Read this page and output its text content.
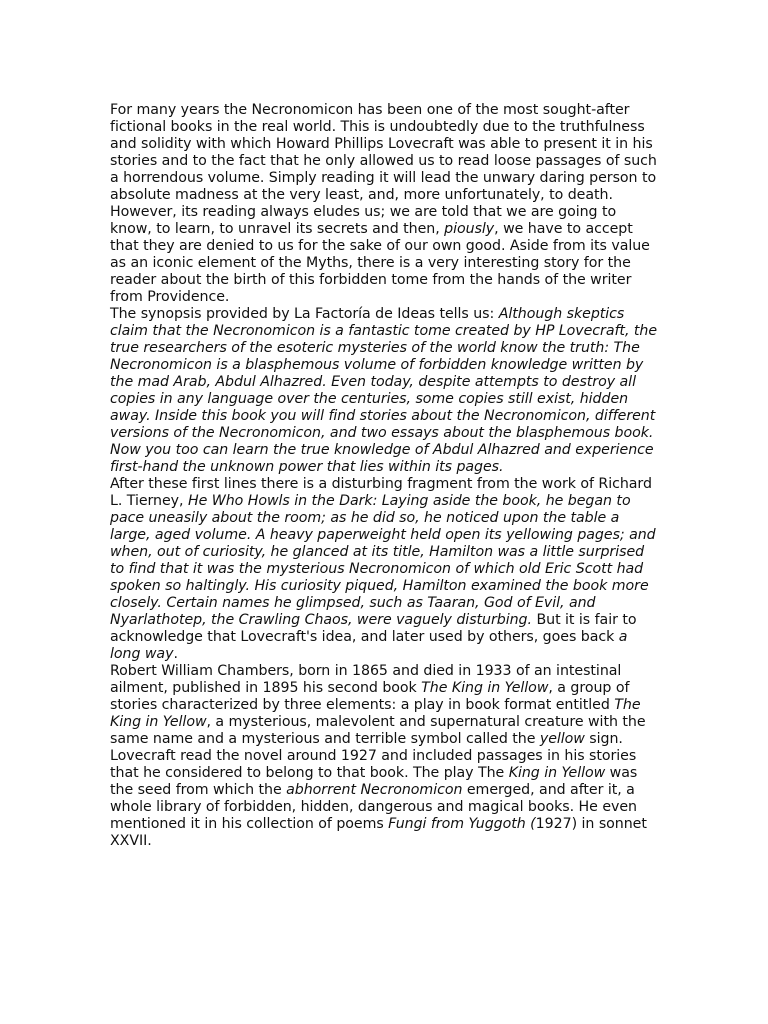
For many years the Necronomicon has been one of the most sought-after fictional books in the real world. This is undoubtedly due to the truthfulness and solidity with which Howard Phillips Lovecraft was able to present it in his stories and to the fact that he only allowed us to read loose passages of such a horrendous volume. Simply reading it will lead the unwary daring person to absolute madness at the very least, and, more unfortunately, to death. However, its reading always eludes us; we are told that we are going to know, to learn, to unravel its secrets and then, piously, we have to accept that they are denied to us for the sake of our own good. Aside from its value as an iconic element of the Myths, there is a very interesting story for the reader about the birth of this forbidden tome from the hands of the writer from Providence.

The synopsis provided by La Factoría de Ideas tells us: Although skeptics claim that the Necronomicon is a fantastic tome created by HP Lovecraft, the true researchers of the esoteric mysteries of the world know the truth: The Necronomicon is a blasphemous volume of forbidden knowledge written by the mad Arab, Abdul Alhazred. Even today, despite attempts to destroy all copies in any language over the centuries, some copies still exist, hidden away. Inside this book you will find stories about the Necronomicon, different versions of the Necronomicon, and two essays about the blasphemous book. Now you too can learn the true knowledge of Abdul Alhazred and experience first-hand the unknown power that lies within its pages.

After these first lines there is a disturbing fragment from the work of Richard L. Tierney, He Who Howls in the Dark: Laying aside the book, he began to pace uneasily about the room; as he did so, he noticed upon the table a large, aged volume. A heavy paperweight held open its yellowing pages; and when, out of curiosity, he glanced at its title, Hamilton was a little surprised to find that it was the mysterious Necronomicon of which old Eric Scott had spoken so haltingly. His curiosity piqued, Hamilton examined the book more closely. Certain names he glimpsed, such as Taaran, God of Evil, and Nyarlathotep, the Crawling Chaos, were vaguely disturbing. But it is fair to acknowledge that Lovecraft's idea, and later used by others, goes back a long way.

Robert William Chambers, born in 1865 and died in 1933 of an intestinal ailment, published in 1895 his second book The King in Yellow, a group of stories characterized by three elements: a play in book format entitled The King in Yellow, a mysterious, malevolent and supernatural creature with the same name and a mysterious and terrible symbol called the yellow sign. Lovecraft read the novel around 1927 and included passages in his stories that he considered to belong to that book. The play The King in Yellow was the seed from which the abhorrent Necronomicon emerged, and after it, a whole library of forbidden, hidden, dangerous and magical books. He even mentioned it in his collection of poems Fungi from Yuggoth (1927) in sonnet XXVII.
